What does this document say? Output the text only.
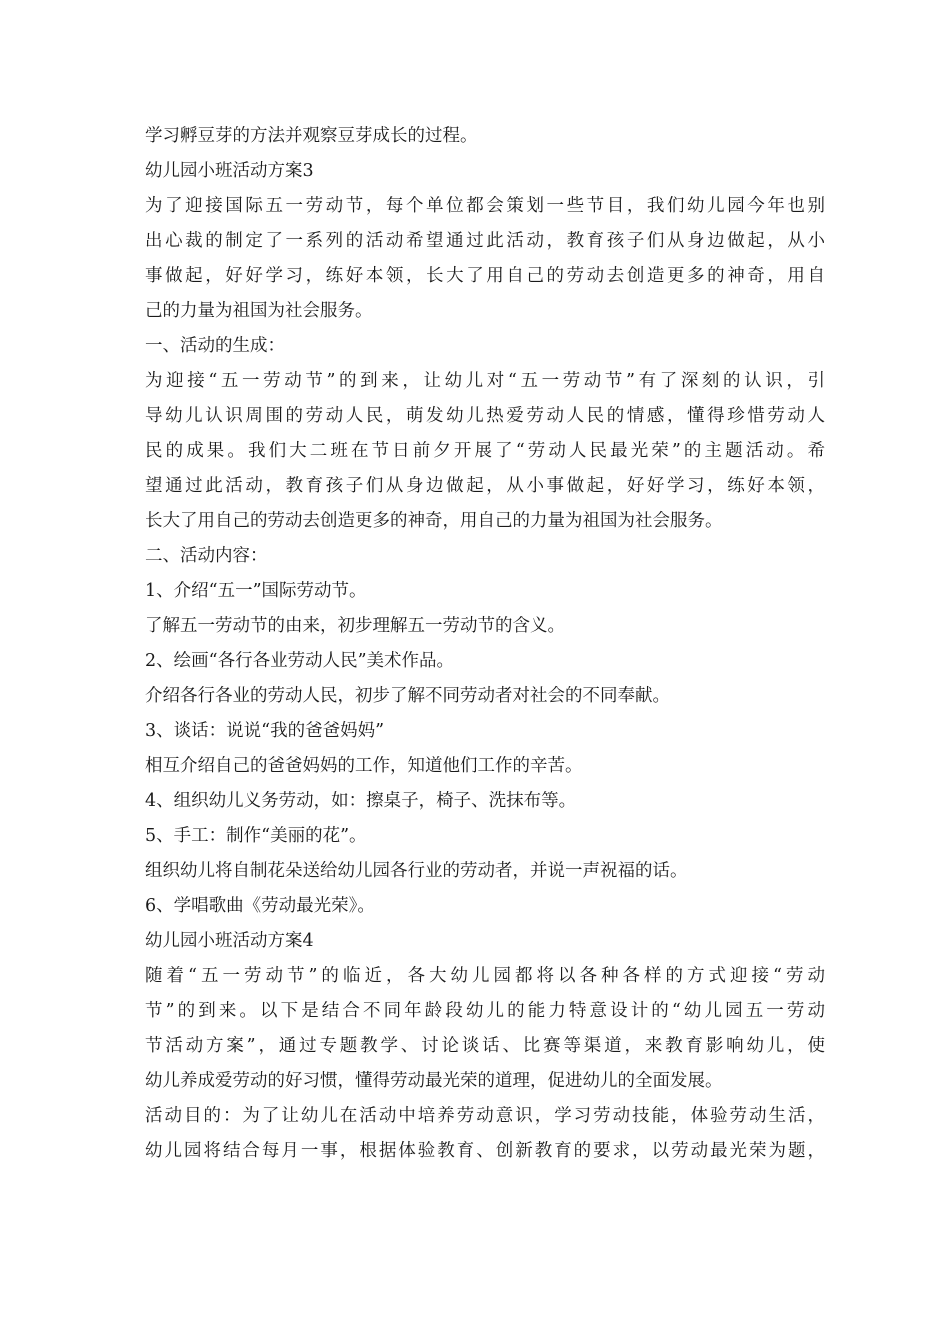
学习孵豆芽的方法并观察豆芽成长的过程。
幼儿园小班活动方案3
为了迎接国际五一劳动节，每个单位都会策划一些节目，我们幼儿园今年也别
出心裁的制定了一系列的活动希望通过此活动，教育孩子们从身边做起，从小
事做起，好好学习，练好本领，长大了用自己的劳动去创造更多的神奇，用自
己的力量为祖国为社会服务。
一、活动的生成：
为迎接“五一劳动节”的到来，让幼儿对“五一劳动节”有了深刻的认识，引
导幼儿认识周围的劳动人民，萌发幼儿热爱劳动人民的情感，懂得珍惜劳动人
民的成果。我们大二班在节日前夕开展了“劳动人民最光荣”的主题活动。希
望通过此活动，教育孩子们从身边做起，从小事做起，好好学习，练好本领，
长大了用自己的劳动去创造更多的神奇，用自己的力量为祖国为社会服务。
二、活动内容：
1、介绍“五一”国际劳动节。
了解五一劳动节的由来，初步理解五一劳动节的含义。
2、绘画“各行各业劳动人民”美术作品。
介绍各行各业的劳动人民，初步了解不同劳动者对社会的不同奉献。
3、谈话：说说“我的爸爸妈妈”
相互介绍自己的爸爸妈妈的工作，知道他们工作的辛苦。
4、组织幼儿义务劳动，如：擦桌子，椅子、洗抹布等。
5、手工：制作“美丽的花”。
组织幼儿将自制花朵送给幼儿园各行业的劳动者，并说一声祝福的话。
6、学唱歌曲《劳动最光荣》。
幼儿园小班活动方案4
随着“五一劳动节”的临近，各大幼儿园都将以各种各样的方式迎接“劳动
节”的到来。以下是结合不同年龄段幼儿的能力特意设计的“幼儿园五一劳动
节活动方案”，通过专题教学、讨论谈话、比赛等渠道，来教育影响幼儿，使
幼儿养成爱劳动的好习惯，懂得劳动最光荣的道理，促进幼儿的全面发展。
活动目的：为了让幼儿在活动中培养劳动意识，学习劳动技能，体验劳动生活，
幼儿园将结合每月一事，根据体验教育、创新教育的要求，以劳动最光荣为题，
